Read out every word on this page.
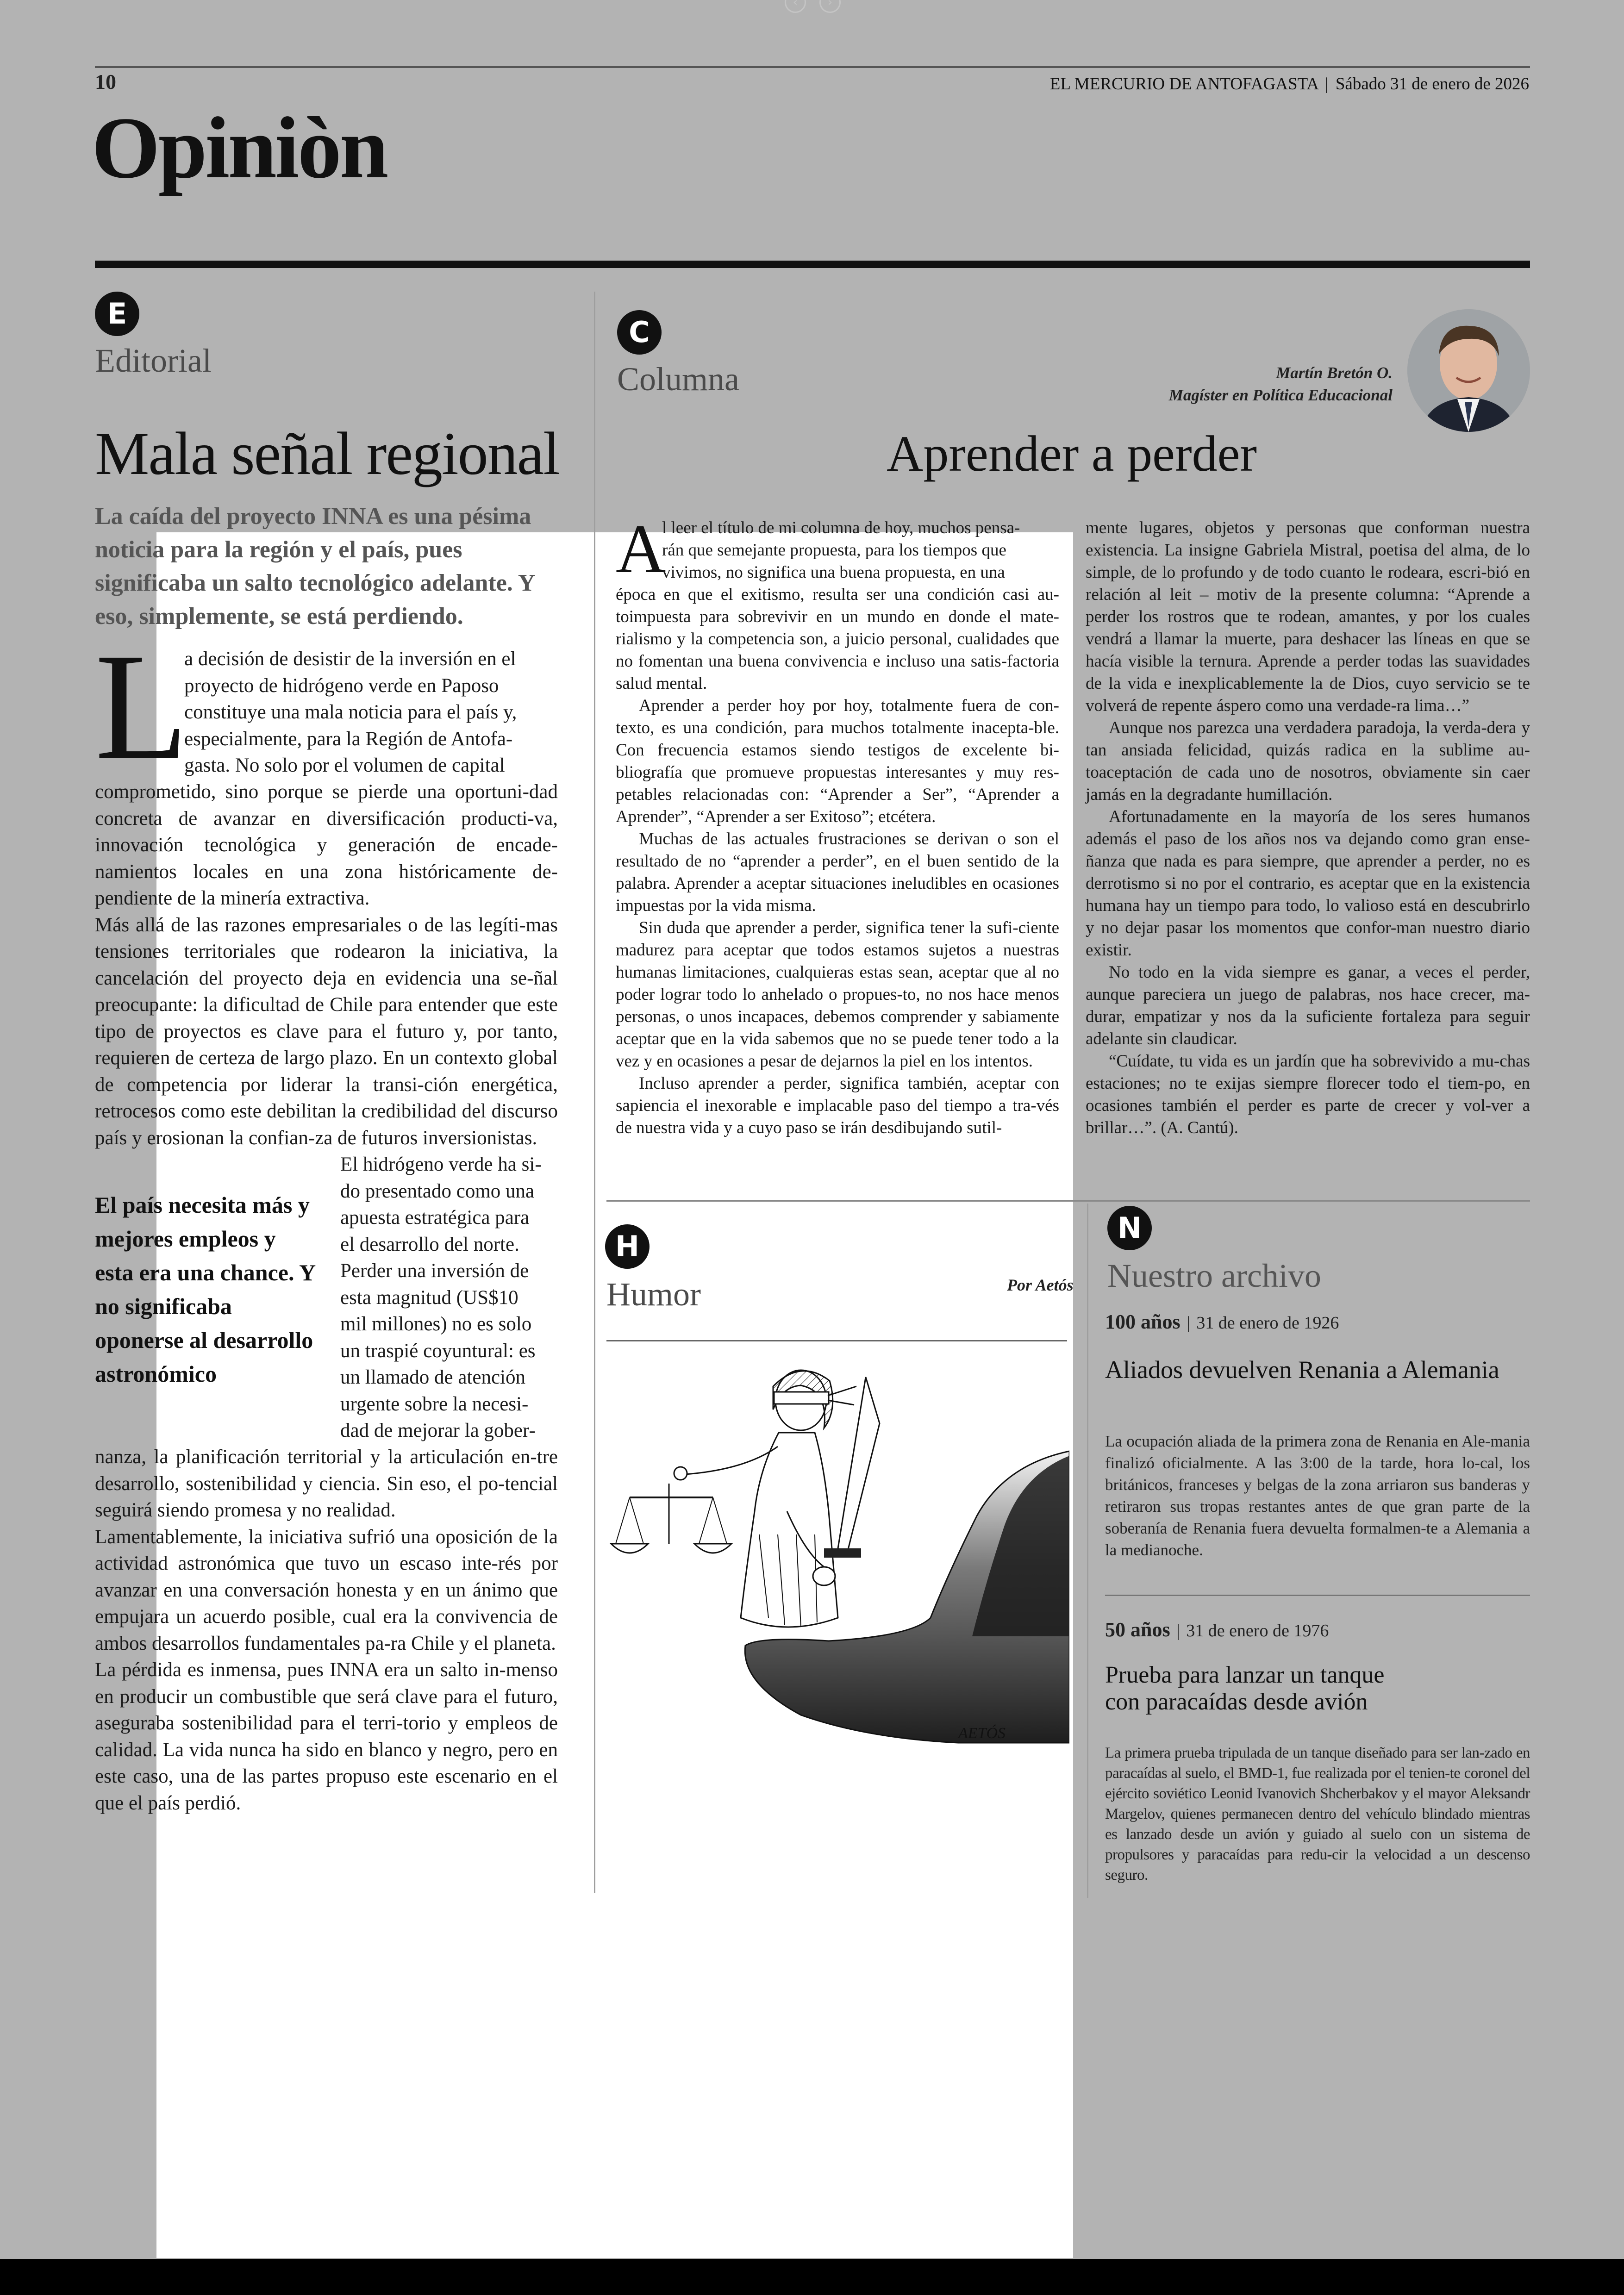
‹	›
10	EL MERCURIO DE ANTOFAGASTA | Sábado 31 de enero de 2026
Opiniòn
E
Editorial
Mala señal regional
La caída del proyecto INNA es una pésima noticia para la región y el país, pues significaba un salto tecnológico adelante. Y eso, simplemente, se está perdiendo.
L
a decisión de desistir de la inversión en el
proyecto de hidrógeno verde en Paposo
constituye una mala noticia para el país y,
especialmente, para la Región de Antofa-
gasta. No solo por el volumen de capital

comprometido, sino porque se pierde una oportuni-dad concreta de avanzar en diversificación producti-va, innovación tecnológica y generación de encade-namientos locales en una zona históricamente de-pendiente de la minería extractiva.

Más allá de las razones empresariales o de las legíti-mas tensiones territoriales que rodearon la iniciativa, la cancelación del proyecto deja en evidencia una se-ñal preocupante: la dificultad de Chile para entender que este tipo de proyectos es clave para el futuro y, por tanto, requieren de certeza de largo plazo. En un contexto global de competencia por liderar la transi-ción energética, retrocesos como este debilitan la credibilidad del discurso país y erosionan la confian-za de futuros inversionistas.

El país necesita más y mejores empleos y esta era una chance. Y no significaba oponerse al desarrollo astronómico
El hidrógeno verde ha si-
do presentado como una
apuesta estratégica para
el desarrollo del norte.
Perder una inversión de
esta magnitud (US$10
mil millones) no es solo
un traspié coyuntural: es
un llamado de atención
urgente sobre la necesi-
dad de mejorar la gober-

nanza, la planificación territorial y la articulación en-tre desarrollo, sostenibilidad y ciencia. Sin eso, el po-tencial seguirá siendo promesa y no realidad.

Lamentablemente, la iniciativa sufrió una oposición de la actividad astronómica que tuvo un escaso inte-rés por avanzar en una conversación honesta y en un ánimo que empujara un acuerdo posible, cual era la convivencia de ambos desarrollos fundamentales pa-ra Chile y el planeta.

La pérdida es inmensa, pues INNA era un salto in-menso en producir un combustible que será clave para el futuro, aseguraba sostenibilidad para el terri-torio y empleos de calidad. La vida nunca ha sido en blanco y negro, pero en este caso, una de las partes propuso este escenario en el que el país perdió.

C
Columna	Martín Bretón O.
Magíster en Política Educacional
Aprender a perder
A
l leer el título de mi columna de hoy, muchos pensa-
rán que semejante propuesta, para los tiempos que
vivimos, no significa una buena propuesta, en una

época en que el exitismo, resulta ser una condición casi au-toimpuesta para sobrevivir en un mundo en donde el mate-rialismo y la competencia son, a juicio personal, cualidades que no fomentan una buena convivencia e incluso una satis-factoria salud mental.

Aprender a perder hoy por hoy, totalmente fuera de con-texto, es una condición, para muchos totalmente inacepta-ble. Con frecuencia estamos siendo testigos de excelente bi-bliografía que promueve propuestas interesantes y muy res-petables relacionadas con: “Aprender a Ser”, “Aprender a Aprender”, “Aprender a ser Exitoso”; etcétera.

Muchas de las actuales frustraciones se derivan o son el resultado de no “aprender a perder”, en el buen sentido de la palabra. Aprender a aceptar situaciones ineludibles en ocasiones impuestas por la vida misma.

Sin duda que aprender a perder, significa tener la sufi-ciente madurez para aceptar que todos estamos sujetos a nuestras humanas limitaciones, cualquieras estas sean, aceptar que al no poder lograr todo lo anhelado o propues-to, no nos hace menos personas, o unos incapaces, debemos comprender y sabiamente aceptar que en la vida sabemos que no se puede tener todo a la vez y en ocasiones a pesar de dejarnos la piel en los intentos.

Incluso aprender a perder, significa también, aceptar con sapiencia el inexorable e implacable paso del tiempo a tra-vés de nuestra vida y a cuyo paso se irán desdibujando sutil-

mente lugares, objetos y personas que conforman nuestra existencia. La insigne Gabriela Mistral, poetisa del alma, de lo simple, de lo profundo y de todo cuanto le rodeara, escri-bió en relación al leit – motiv de la presente columna: “Aprende a perder los rostros que te rodean, amantes, y por los cuales vendrá a llamar la muerte, para deshacer las líneas en que se hacía visible la ternura. Aprende a perder todas las suavidades de la vida e inexplicablemente la de Dios, cuyo servicio se te volverá de repente áspero como una verdade-ra lima…”

Aunque nos parezca una verdadera paradoja, la verda-dera y tan ansiada felicidad, quizás radica en la sublime au-toaceptación de cada uno de nosotros, obviamente sin caer jamás en la degradante humillación.

Afortunadamente en la mayoría de los seres humanos además el paso de los años nos va dejando como gran ense-ñanza que nada es para siempre, que aprender a perder, no es derrotismo si no por el contrario, es aceptar que en la existencia humana hay un tiempo para todo, lo valioso está en descubrirlo y no dejar pasar los momentos que confor-man nuestro diario existir.

No todo en la vida siempre es ganar, a veces el perder, aunque pareciera un juego de palabras, nos hace crecer, ma-durar, empatizar y nos da la suficiente fortaleza para seguir adelante sin claudicar.

“Cuídate, tu vida es un jardín que ha sobrevivido a mu-chas estaciones; no te exijas siempre florecer todo el tiem-po, en ocasiones también el perder es parte de crecer y vol-ver a brillar…”. (A. Cantú).

H
Humor	Por Aetós
AETÓS
N
Nuestro archivo
100 años | 31 de enero de 1926
Aliados devuelven Renania a Alemania
La ocupación aliada de la primera zona de Renania en Ale-mania finalizó oficialmente. A las 3:00 de la tarde, hora lo-cal, los británicos, franceses y belgas de la zona arriaron sus banderas y retiraron sus tropas restantes antes de que gran parte de la soberanía de Renania fuera devuelta formalmen-te a Alemania a la medianoche.
50 años | 31 de enero de 1976
Prueba para lanzar un tanque
con paracaídas desde avión
La primera prueba tripulada de un tanque diseñado para ser lan-zado en paracaídas al suelo, el BMD-1, fue realizada por el tenien-te coronel del ejército soviético Leonid Ivanovich Shcherbakov y el mayor Aleksandr Margelov, quienes permanecen dentro del vehículo blindado mientras es lanzado desde un avión y guiado al suelo con un sistema de propulsores y paracaídas para redu-cir la velocidad a un descenso seguro.
